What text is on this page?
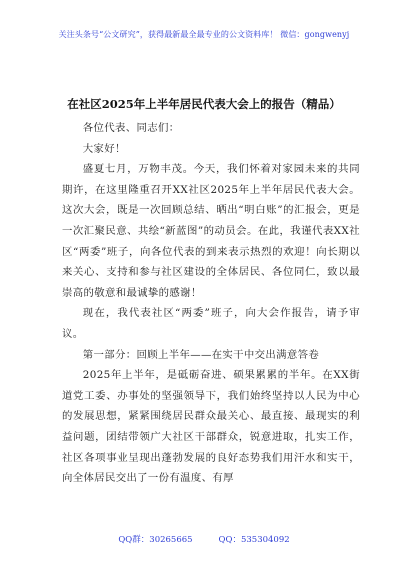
关注头条号“公文研究”，获得最新最全最专业的公文资料库！ 微信：gongwenyj
在社区2025年上半年居民代表大会上的报告（精品）

各位代表、同志们：

大家好！

盛夏七月，万物丰茂。今天，我们怀着对家园未来的共同期许，在这里隆重召开XX社区2025年上半年居民代表大会。这次大会，既是一次回顾总结、晒出“明白账”的汇报会，更是一次汇聚民意、共绘“新蓝图”的动员会。在此，我谨代表XX社区“两委”班子，向各位代表的到来表示热烈的欢迎！向长期以来关心、支持和参与社区建设的全体居民、各位同仁，致以最崇高的敬意和最诚挚的感谢！

现在，我代表社区“两委”班子，向大会作报告，请予审议。

第一部分：回顾上半年——在实干中交出满意答卷

2025年上半年，是砥砺奋进、硕果累累的半年。在XX街道党工委、办事处的坚强领导下，我们始终坚持以人民为中心的发展思想，紧紧围绕居民群众最关心、最直接、最现实的利益问题，团结带领广大社区干部群众，锐意进取，扎实工作，社区各项事业呈现出蓬勃发展的良好态势我们用汗水和实干，向全体居民交出了一份有温度、有厚

QQ群：30265665	QQ：535304092
